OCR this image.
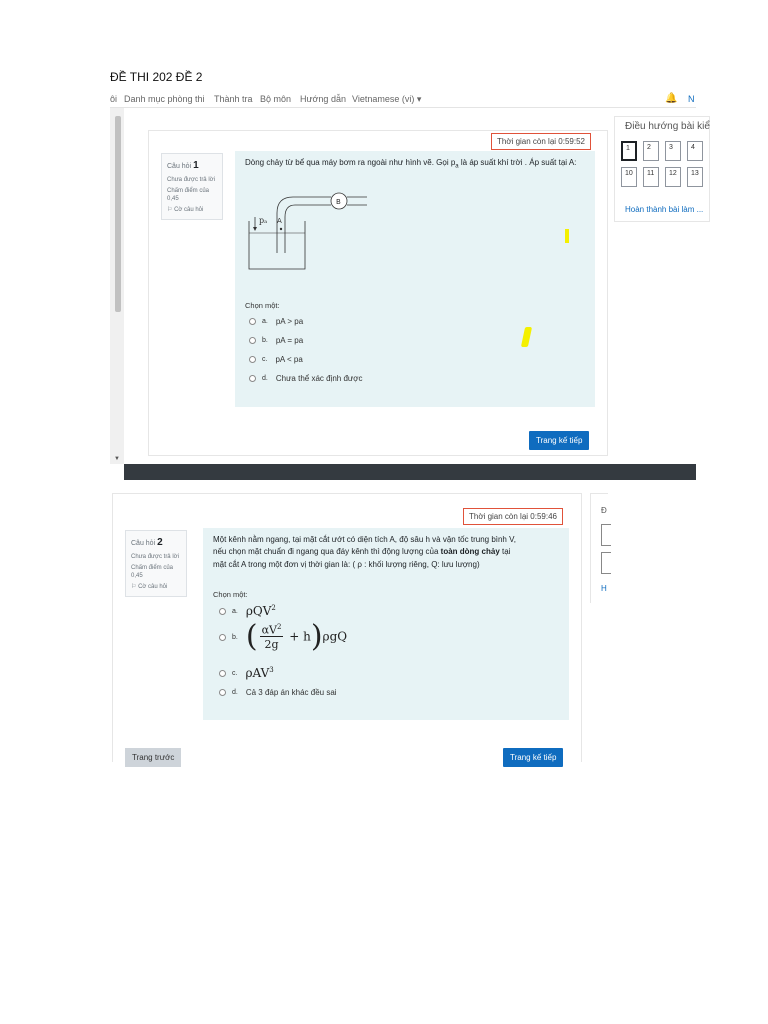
ĐỀ THI 202 ĐỀ 2
ôi Danh mục phòng thi Thành tra Bộ môn Hướng dẫn Vietnamese (vi) ▾	🔔 N
▼
Thời gian còn lại 0:59:52
Câu hỏi 1
Chưa được trả lời
Chấm điểm của 0,45
⚐ Cờ câu hỏi
Dòng chảy từ bể qua máy bơm ra ngoài như hình vẽ. Gọi $p_a$ là áp suất khí trời . Áp suất tại A:
B
pₐ A
Chọn một:
a. pA > pa
b. pA = pa
c. pA < pa
d. Chưa thể xác định được
Trang kế tiếp
Điều hướng bài kiể
1	2	3	4
10	11	12	13
Hoàn thành bài làm ...
Thời gian còn lại 0:59:46
Câu hỏi 2
Chưa được trả lời
Chấm điểm của 0,45
⚐ Cờ câu hỏi
Một kênh nằm ngang, tại mặt cắt ướt có diện tích A, độ sâu h và vận tốc trung bình V,
nếu chọn mặt chuẩn đi ngang qua đáy kênh thì động lượng của toàn dòng chảy tại
mặt cắt A trong một đơn vị thời gian là: ( ρ : khối lượng riêng, Q: lưu lượng)
Chọn một:
a. ρQV$^2$
b. ( $\frac{\alpha V^2}{2g} + h)\rho gQ$
c. ρAV$^3$
d. Cả 3 đáp án khác đều sai
Trang trước	Trang kế tiếp
Đ
H
